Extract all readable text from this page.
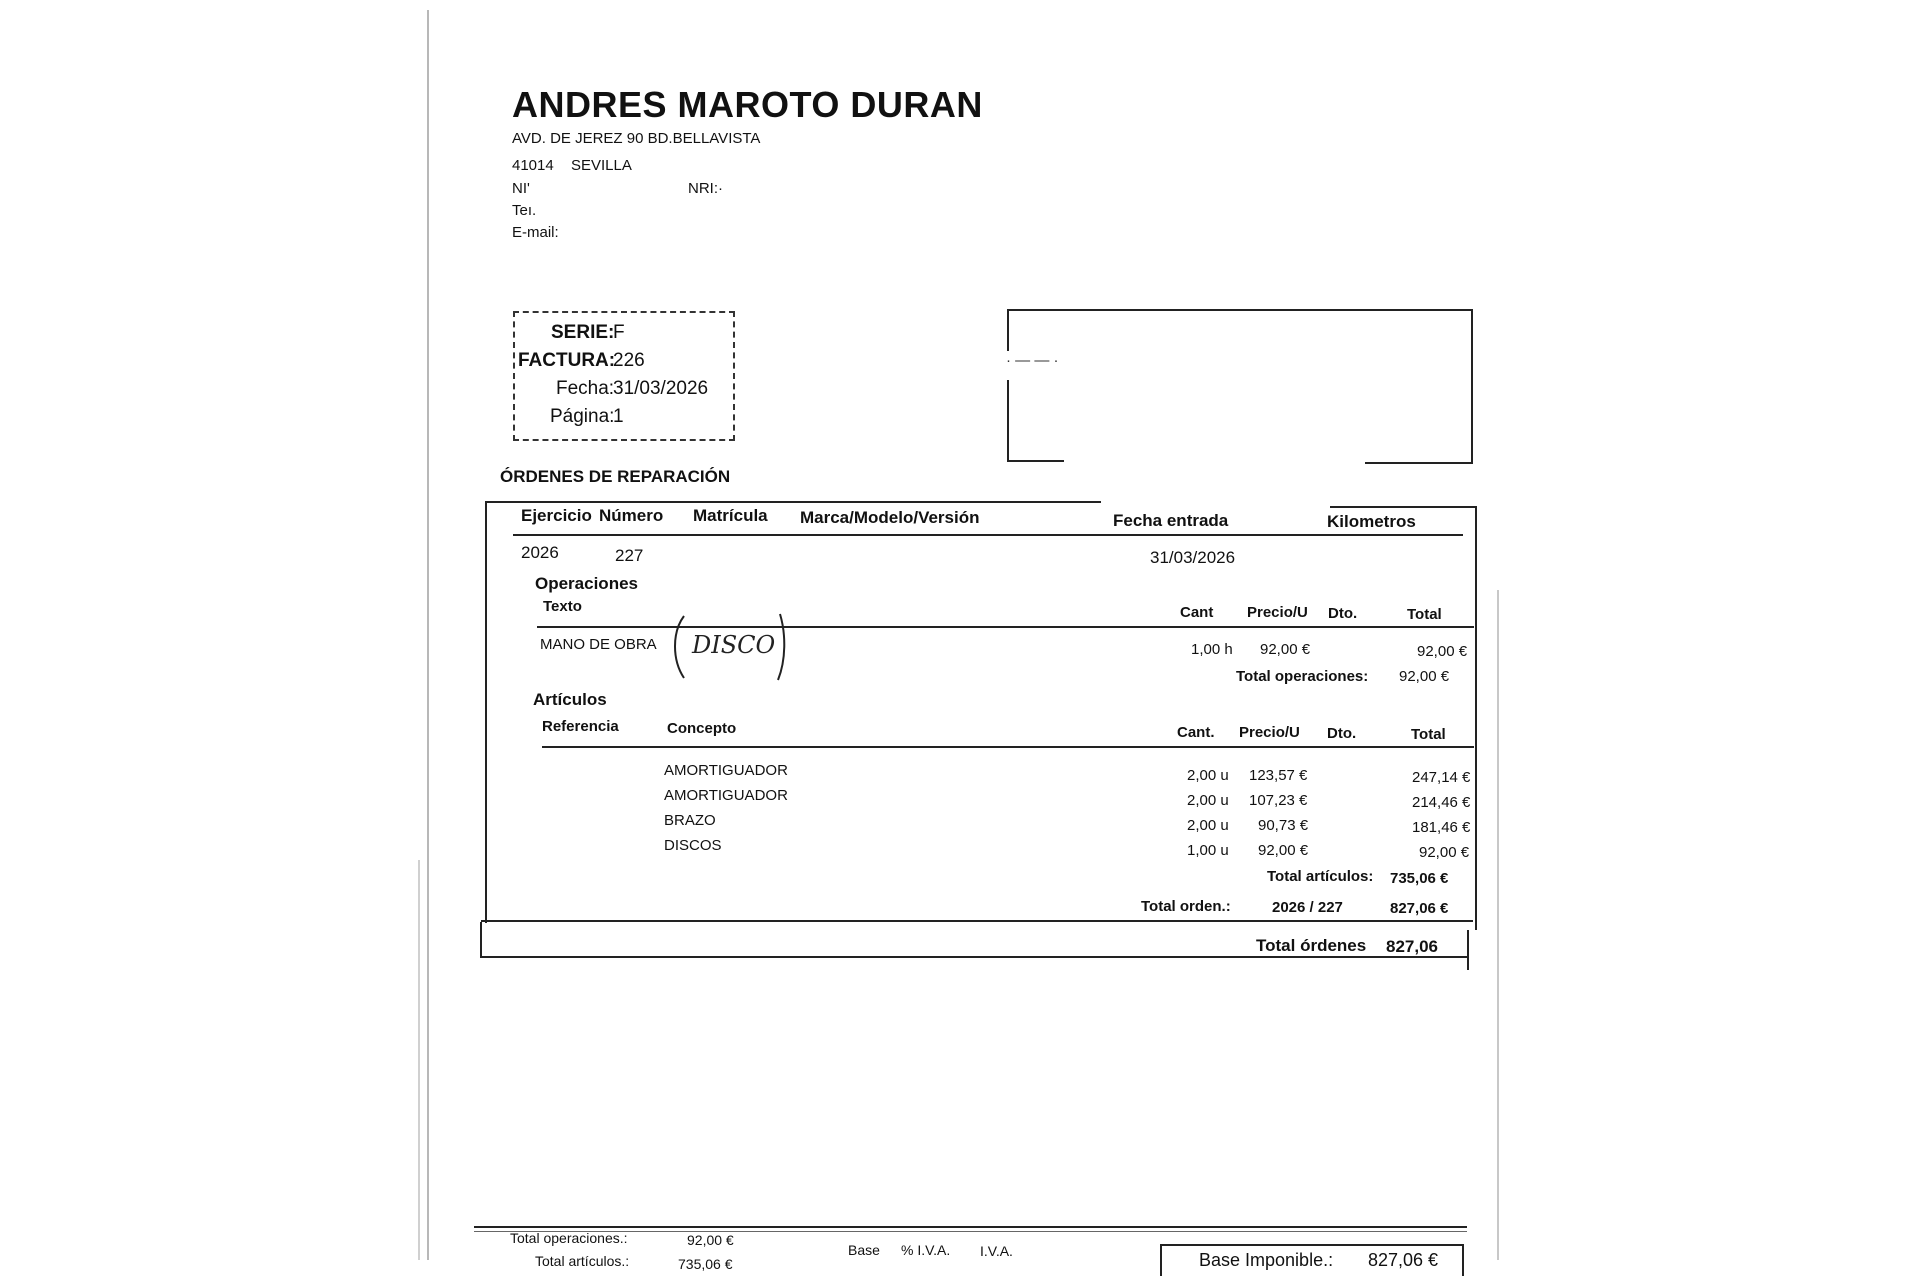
ANDRES MAROTO DURAN
AVD. DE JEREZ 90 BD.BELLAVISTA
41014 SEVILLA
NI'	NRI:·
Teı.
E-mail:
SERIE:
F
FACTURA:
226
Fecha:
31/03/2026
Página:
1
· — — ·
ÓRDENES DE REPARACIÓN
Ejercicio Número Matrícula Marca/Modelo/Versión	Fecha entrada	Kilometros
2026	227	31/03/2026
Operaciones
Texto	Cant Precio/U Dto.	Total
MANO DE OBRA	1,00 h 92,00 €	92,00 €
DISCO
Total operaciones: 92,00 €
Artículos
Referencia	Concepto	Cant. Precio/U Dto.	Total
AMORTIGUADOR	2,00 u 123,57 €	247,14 €
AMORTIGUADOR	2,00 u 107,23 €	214,46 €
BRAZO	2,00 u 90,73 €	181,46 €
DISCOS	1,00 u 92,00 €	92,00 €
Total artículos: 735,06 €
Total orden.:	2026 / 227	827,06 €
Total órdenes 827,06
Total operaciones.:	92,00 €
Total artículos.:	735,06 €
Base % I.V.A. I.V.A.	Base Imponible.: 827,06 €
